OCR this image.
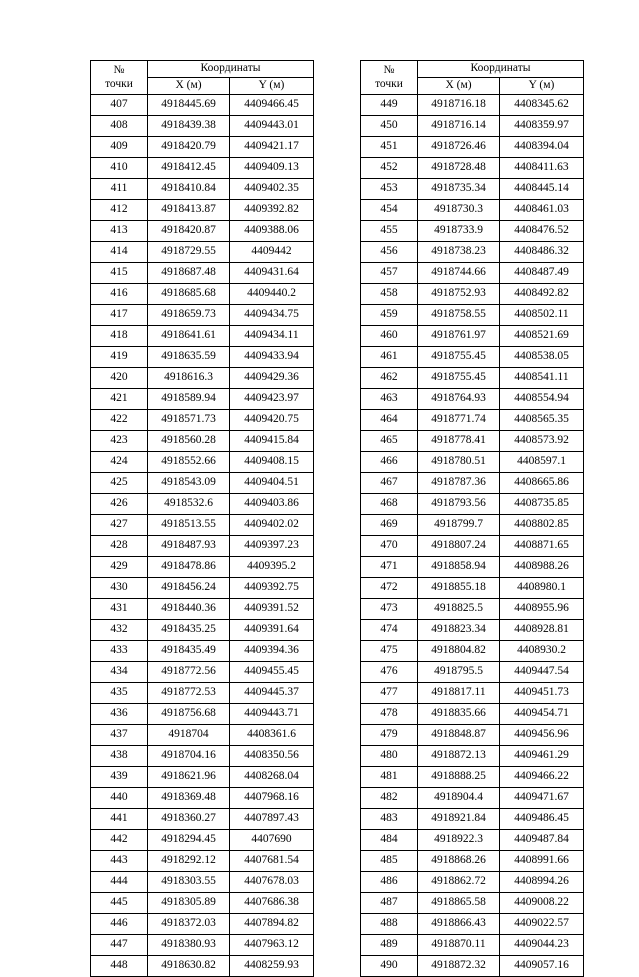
№
точки	Координаты	
	X (м)	Y (м)
407	4918445.69	4409466.45
408	4918439.38	4409443.01
409	4918420.79	4409421.17
410	4918412.45	4409409.13
411	4918410.84	4409402.35
412	4918413.87	4409392.82
413	4918420.87	4409388.06
414	4918729.55	4409442
415	4918687.48	4409431.64
416	4918685.68	4409440.2
417	4918659.73	4409434.75
418	4918641.61	4409434.11
419	4918635.59	4409433.94
420	4918616.3	4409429.36
421	4918589.94	4409423.97
422	4918571.73	4409420.75
423	4918560.28	4409415.84
424	4918552.66	4409408.15
425	4918543.09	4409404.51
426	4918532.6	4409403.86
427	4918513.55	4409402.02
428	4918487.93	4409397.23
429	4918478.86	4409395.2
430	4918456.24	4409392.75
431	4918440.36	4409391.52
432	4918435.25	4409391.64
433	4918435.49	4409394.36
434	4918772.56	4409455.45
435	4918772.53	4409445.37
436	4918756.68	4409443.71
437	4918704	4408361.6
438	4918704.16	4408350.56
439	4918621.96	4408268.04
440	4918369.48	4407968.16
441	4918360.27	4407897.43
442	4918294.45	4407690
443	4918292.12	4407681.54
444	4918303.55	4407678.03
445	4918305.89	4407686.38
446	4918372.03	4407894.82
447	4918380.93	4407963.12
448	4918630.82	4408259.93
№
точки	Координаты	
	X (м)	Y (м)
449	4918716.18	4408345.62
450	4918716.14	4408359.97
451	4918726.46	4408394.04
452	4918728.48	4408411.63
453	4918735.34	4408445.14
454	4918730.3	4408461.03
455	4918733.9	4408476.52
456	4918738.23	4408486.32
457	4918744.66	4408487.49
458	4918752.93	4408492.82
459	4918758.55	4408502.11
460	4918761.97	4408521.69
461	4918755.45	4408538.05
462	4918755.45	4408541.11
463	4918764.93	4408554.94
464	4918771.74	4408565.35
465	4918778.41	4408573.92
466	4918780.51	4408597.1
467	4918787.36	4408665.86
468	4918793.56	4408735.85
469	4918799.7	4408802.85
470	4918807.24	4408871.65
471	4918858.94	4408988.26
472	4918855.18	4408980.1
473	4918825.5	4408955.96
474	4918823.34	4408928.81
475	4918804.82	4408930.2
476	4918795.5	4409447.54
477	4918817.11	4409451.73
478	4918835.66	4409454.71
479	4918848.87	4409456.96
480	4918872.13	4409461.29
481	4918888.25	4409466.22
482	4918904.4	4409471.67
483	4918921.84	4409486.45
484	4918922.3	4409487.84
485	4918868.26	4408991.66
486	4918862.72	4408994.26
487	4918865.58	4409008.22
488	4918866.43	4409022.57
489	4918870.11	4409044.23
490	4918872.32	4409057.16
